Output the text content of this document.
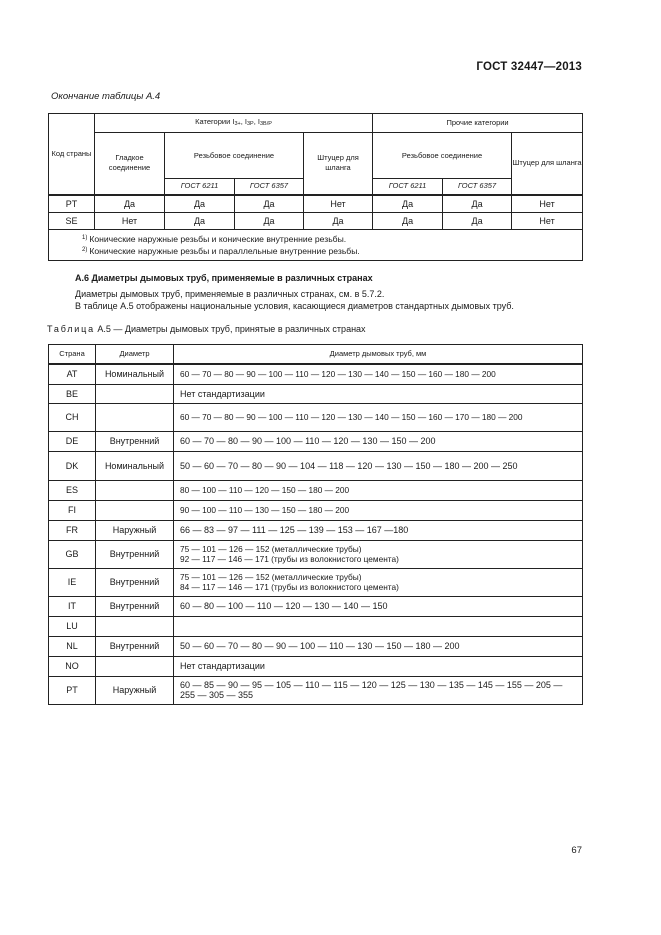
ГОСТ 32447—2013
Окончание таблицы А.4
Код страны	Категории $I_{3+}$, $I_{3P}$, $I_{3B/P}$				Прочие категории		
	Гладкое соединение	Резьбовое соединение		Штуцер для шланга	Резьбовое соединение		Штуцер для шланга
		ГОСТ 6211	ГОСТ 6357		ГОСТ 6211	ГОСТ 6357	
PT	Да	Да	Да	Нет	Да	Да	Нет
SE	Нет	Да	Да	Да	Да	Да	Нет

$^{1)}$ Конические наружные резьбы и конические внутренние резьбы.
$^{2)}$ Конические наружные резьбы и параллельные внутренние резьбы.							
А.6 Диаметры дымовых труб, применяемые в различных странах
Диаметры дымовых труб, применяемые в различных странах, см. в 5.7.2.
В таблице А.5 отображены национальные условия, касающиеся диаметров стандартных дымовых труб.
Таблица А.5 — Диаметры дымовых труб, принятые в различных странах
Страна	Диаметр	Диаметр дымовых труб, мм
AT	Номинальный	60 — 70 — 80 — 90 — 100 — 110 — 120 — 130 — 140 — 150 — 160 — 180 — 200
BE		Нет стандартизации
CH		60 — 70 — 80 — 90 — 100 — 110 — 120 — 130 — 140 — 150 — 160 — 170 — 180 — 200
DE	Внутренний	60 — 70 — 80 — 90 — 100 — 110 — 120 — 130 — 150 — 200
DK	Номинальный	50 — 60 — 70 — 80 — 90 — 104 — 118 — 120 — 130 — 150 — 180 — 200 — 250
ES		80 — 100 — 110 — 120 — 150 — 180 — 200
FI		90 — 100 — 110 — 130 — 150 — 180 — 200
FR	Наружный	66 — 83 — 97 — 111 — 125 — 139 — 153 — 167 —180
GB	Внутренний	75 — 101 — 126 — 152 (металлические трубы)
92 — 117 — 146 — 171 (трубы из волокнистого цемента)

IE	Внутренний	75 — 101 — 126 — 152 (металлические трубы)
84 — 117 — 146 — 171 (трубы из волокнистого цемента)

IT	Внутренний	60 — 80 — 100 — 110 — 120 — 130 — 140 — 150
LU		
NL	Внутренний	50 — 60 — 70 — 80 — 90 — 100 — 110 — 130 — 150 — 180 — 200
NO		Нет стандартизации
PT	Наружный	60 — 85 — 90 — 95 — 105 — 110 — 115 — 120 — 125 — 130 — 135 — 145 — 155 — 205 — 255 — 305 — 355
67
